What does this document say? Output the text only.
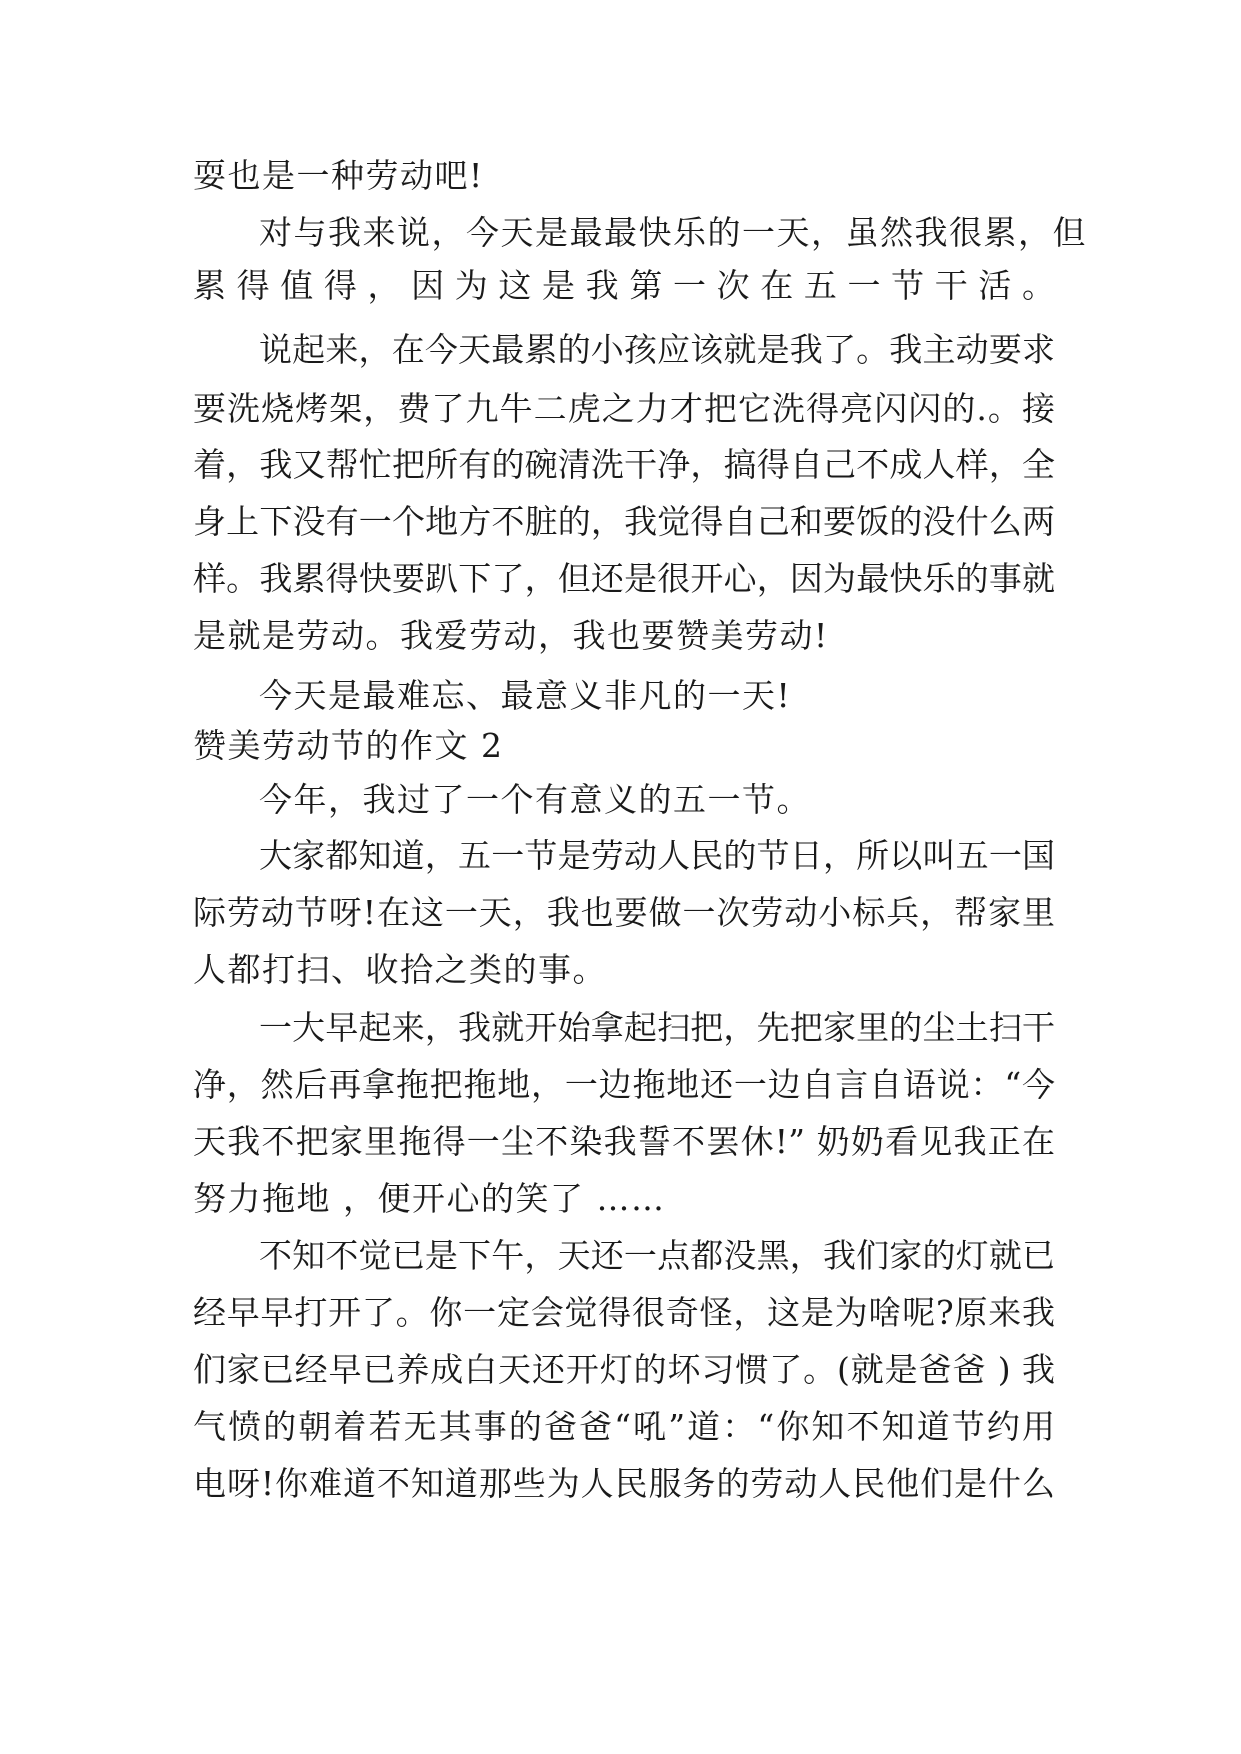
耍也是一种劳动吧!
对与我来说，今天是最最快乐的一天，虽然我很累，但
累得值得，因为这是我第一次在五一节干活。
说起来，在今天最累的小孩应该就是我了。我主动要求
要洗烧烤架，费了九牛二虎之力才把它洗得亮闪闪的.。接
着，我又帮忙把所有的碗清洗干净，搞得自己不成人样，全
身上下没有一个地方不脏的，我觉得自己和要饭的没什么两
样。我累得快要趴下了，但还是很开心，因为最快乐的事就
是就是劳动。我爱劳动，我也要赞美劳动!
今天是最难忘、最意义非凡的一天!
赞美劳动节的作文 2
今年，我过了一个有意义的五一节。
大家都知道，五一节是劳动人民的节日，所以叫五一国
际劳动节呀!在这一天，我也要做一次劳动小标兵，帮家里
人都打扫、收拾之类的事。
一大早起来，我就开始拿起扫把，先把家里的尘土扫干
净，然后再拿拖把拖地，一边拖地还一边自言自语说：“今
天我不把家里拖得一尘不染我誓不罢休!” 奶奶看见我正在
努力拖地 ，便开心的笑了 ……
不知不觉已是下午，天还一点都没黑，我们家的灯就已
经早早打开了。你一定会觉得很奇怪，这是为啥呢?原来我
们家已经早已养成白天还开灯的坏习惯了。(就是爸爸 ) 我
气愤的朝着若无其事的爸爸“吼”道：“你知不知道节约用
电呀!你难道不知道那些为人民服务的劳动人民他们是什么
